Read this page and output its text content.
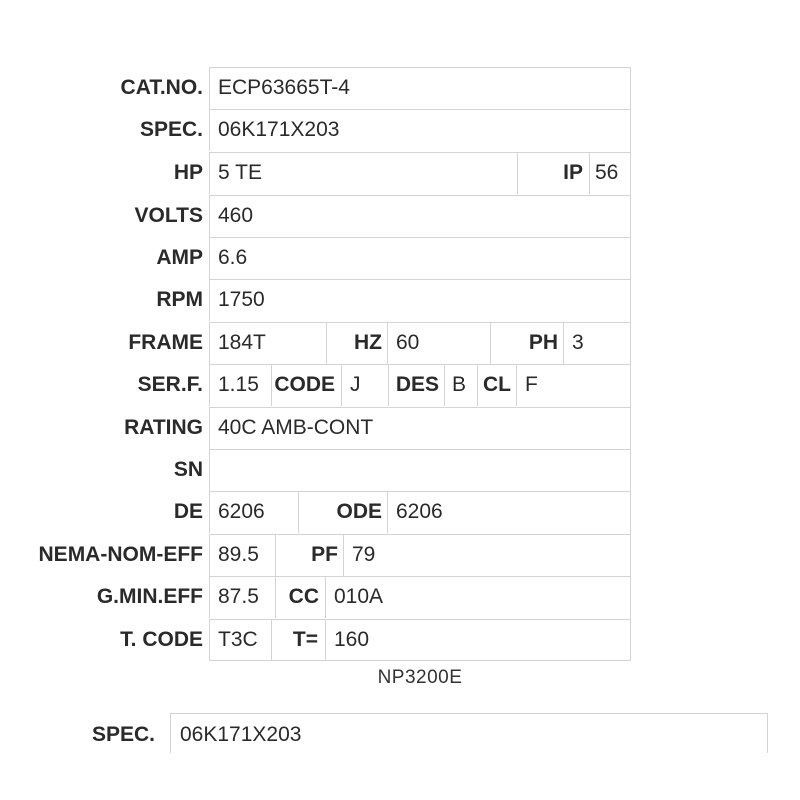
CAT.NO. ECP63665T-4
SPEC. 06K171X203
HP 5 TE	IP 56
VOLTS 460
AMP 6.6
RPM 1750
FRAME 184T	HZ 60	PH 3
SER.F. 1.15 CODE J DES B CL F
RATING 40C AMB-CONT
SN
DE 6206	ODE 6206
NEMA-NOM-EFF 89.5 PF 79
G.MIN.EFF 87.5 CC 010A
T. CODE T3C T= 160
NP3200E
SPEC. 06K171X203
